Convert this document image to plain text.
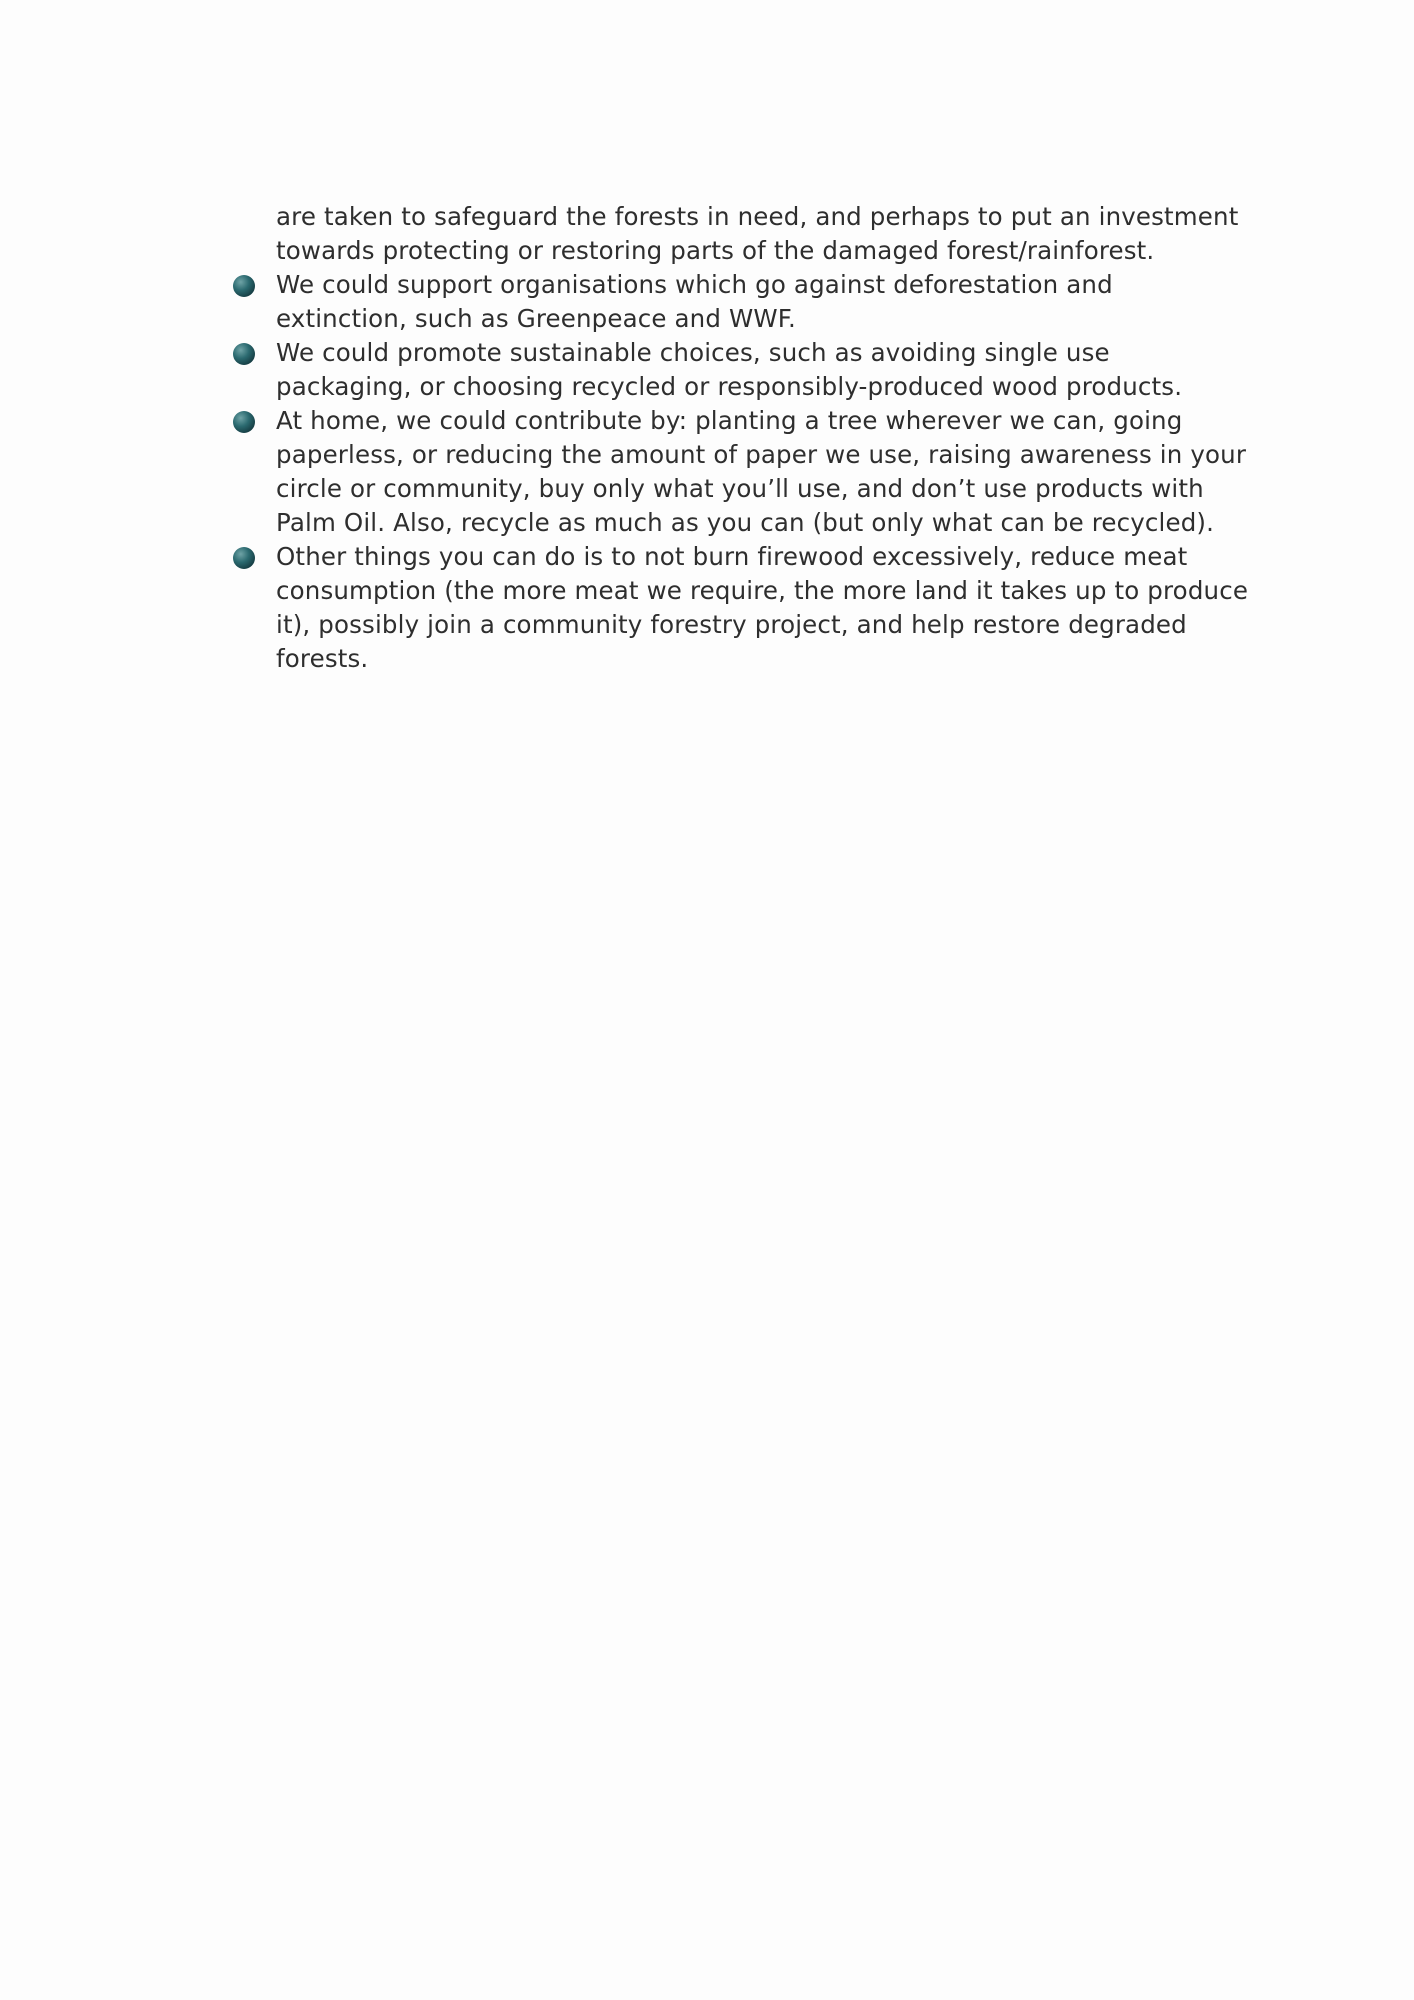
are taken to safeguard the forests in need, and perhaps to put an investment
towards protecting or restoring parts of the damaged forest/rainforest.

We could support organisations which go against deforestation and
extinction, such as Greenpeace and WWF.
We could promote sustainable choices, such as avoiding single use
packaging, or choosing recycled or responsibly-produced wood products.
At home, we could contribute by: planting a tree wherever we can, going
paperless, or reducing the amount of paper we use, raising awareness in your
circle or community, buy only what you’ll use, and don’t use products with
Palm Oil. Also, recycle as much as you can (but only what can be recycled).
Other things you can do is to not burn firewood excessively, reduce meat
consumption (the more meat we require, the more land it takes up to produce
it), possibly join a community forestry project, and help restore degraded
forests.
